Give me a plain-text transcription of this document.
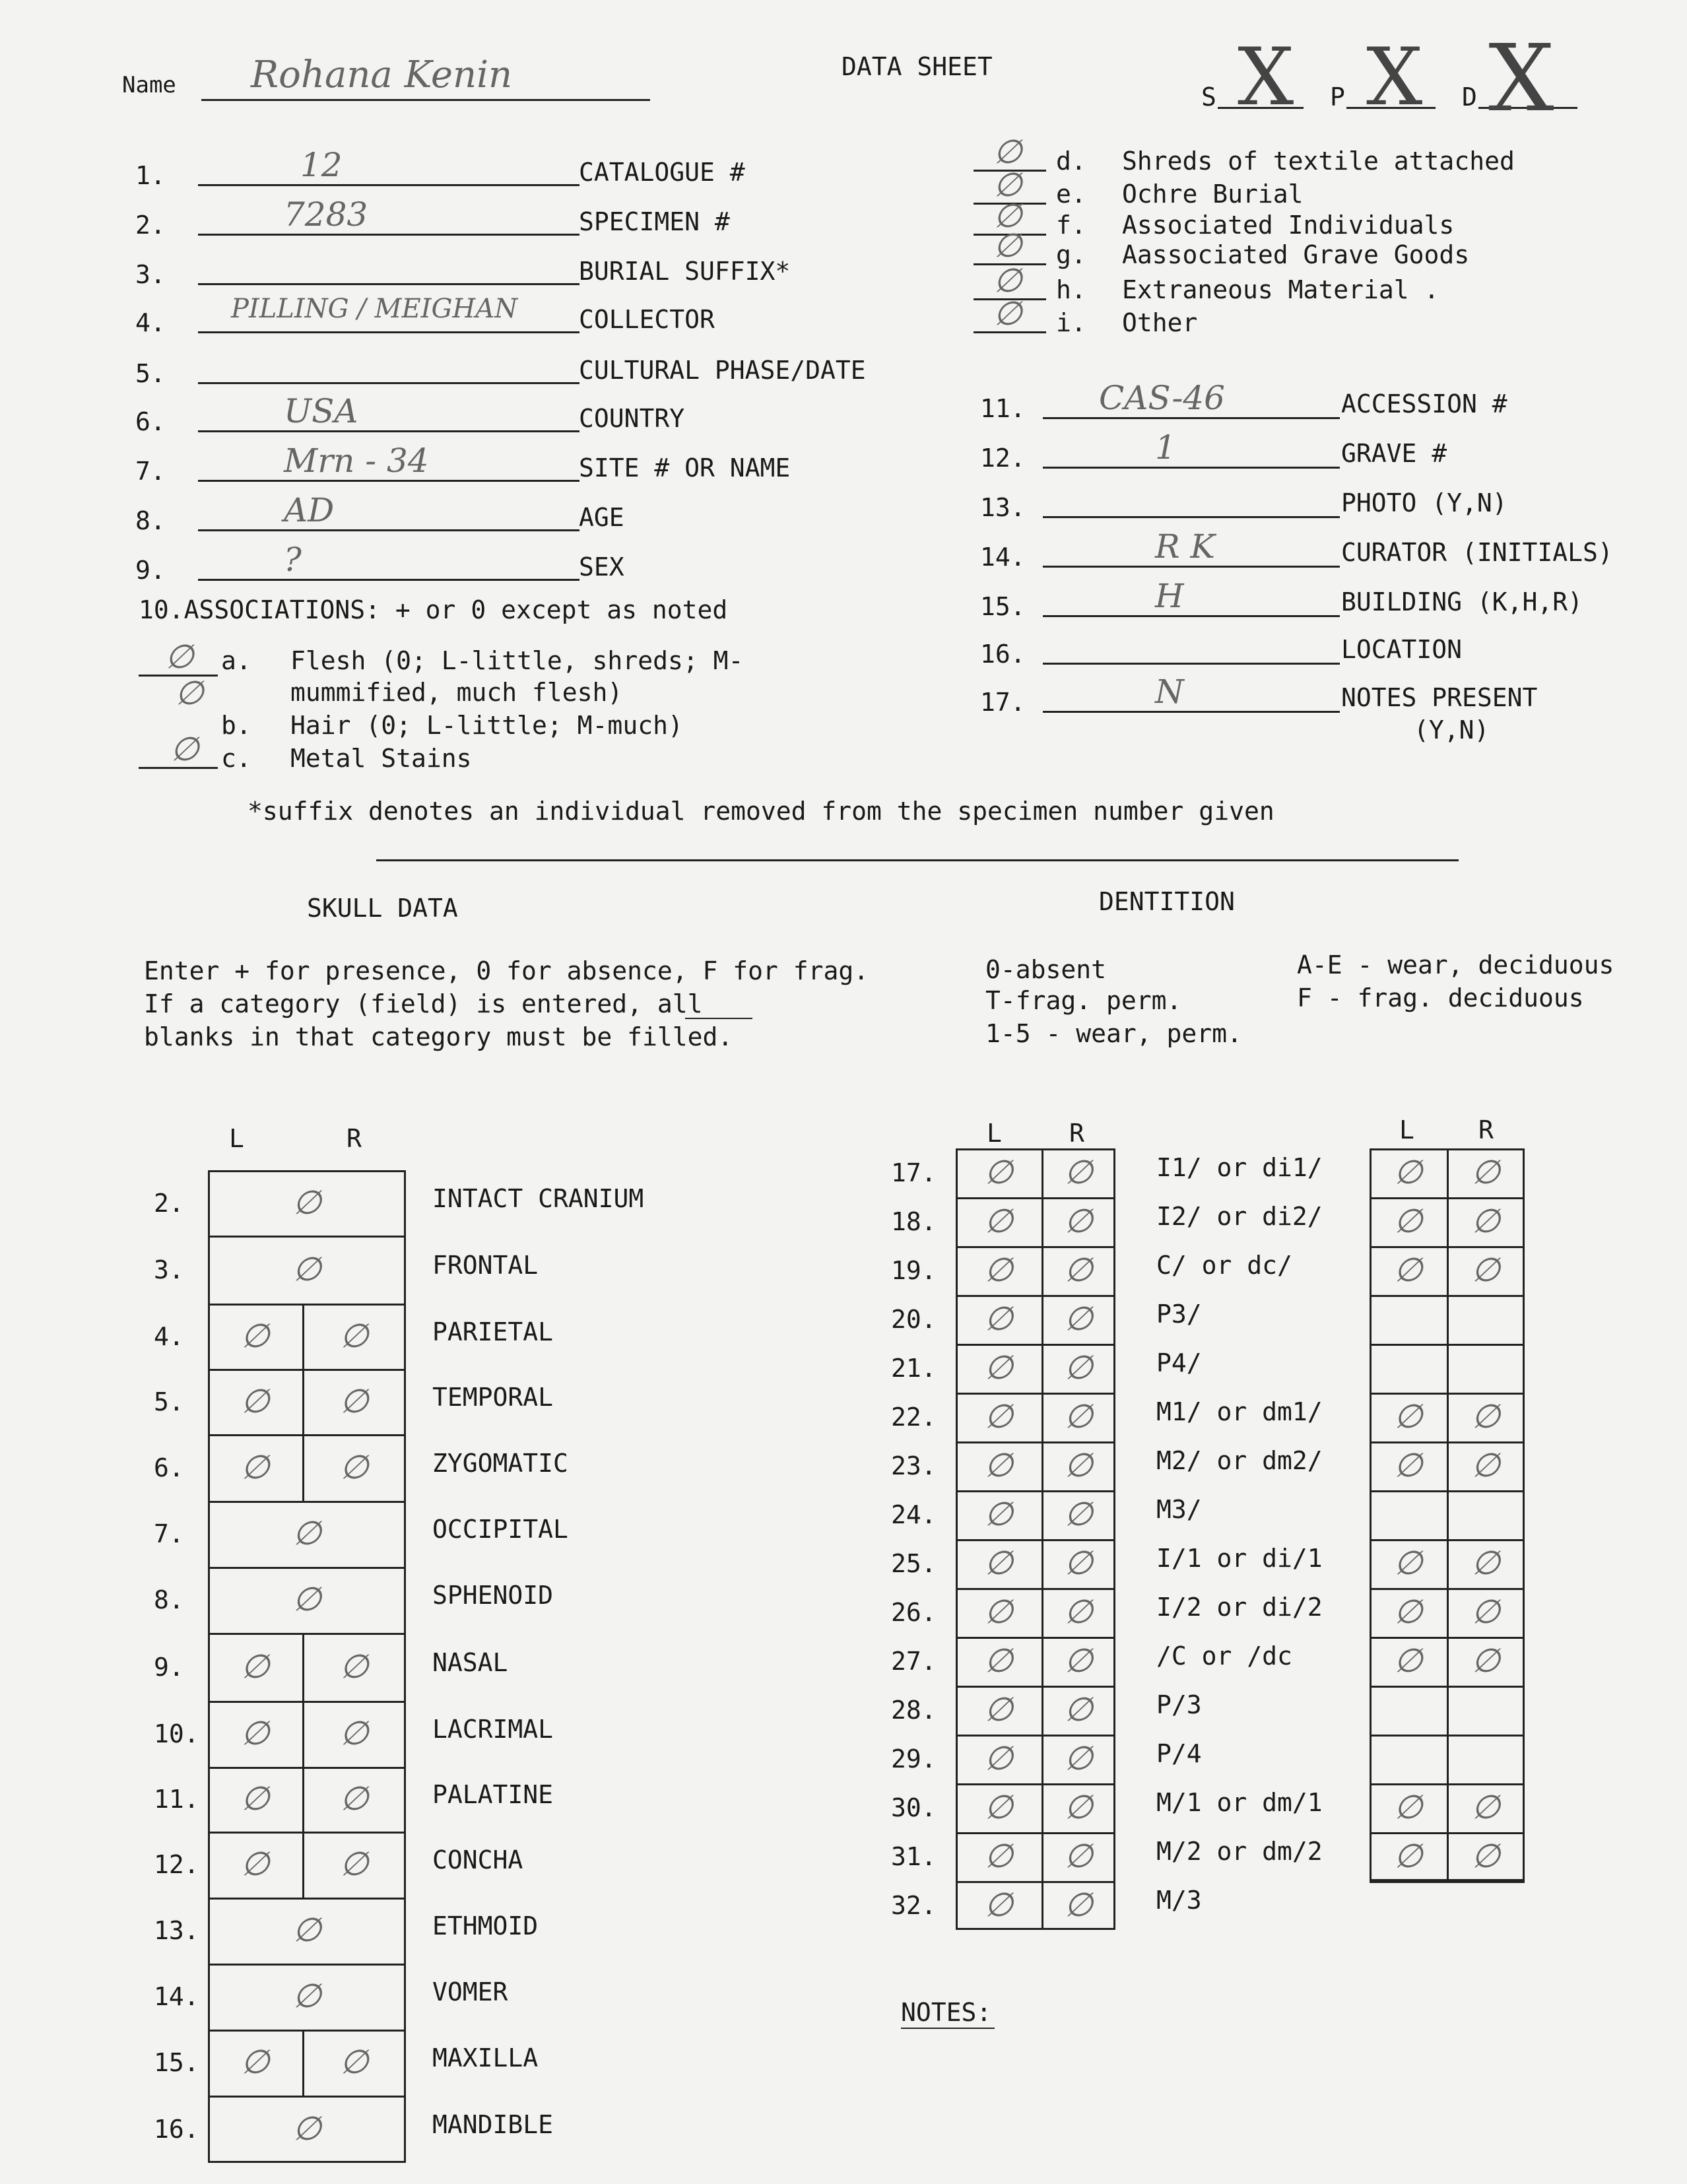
Name Rohana Kenin	DATA SHEET
S X P X D X
1.	12	CATALOGUE #
2.	7283	SPECIMEN #
3.	BURIAL SUFFIX*
4. PILLING / MEIGHAN COLLECTOR
5.	CULTURAL PHASE/DATE
6.	USA	COUNTRY
7.	Mrn - 34	SITE # OR NAME
8.	AD	AGE
9.	?	SEX
∅ d. Shreds of textile attached
∅ e. Ochre Burial
∅ f. Associated Individuals
∅ g. Aassociated Grave Goods
∅ h. Extraneous Material .
∅ i. Other
11. CAS-46	ACCESSION #
12.	1	GRAVE #
13.	PHOTO (Y,N)
14.	R K	CURATOR (INITIALS)
15.	H	BUILDING (K,H,R)
16.	LOCATION
17.	N	NOTES PRESENT
(Y,N)
10.ASSOCIATIONS: + or 0 except as noted
∅ a. Flesh (0; L-little, shreds; M-
mummified, much flesh)
∅
b. Hair (0; L-little; M-much)
∅ c. Metal Stains
*suffix denotes an individual removed from the specimen number given
SKULL DATA
Enter + for presence, 0 for absence, F for frag.
If a category (field) is entered, all
blanks in that category must be filled.
L	R
2.	INTACT CRANIUM
∅
3.	FRONTAL
∅
4.	PARIETAL
∅	∅
5.	TEMPORAL
∅	∅
6.	ZYGOMATIC
∅	∅
7.	OCCIPITAL
∅
8.	SPHENOID
∅
9.	NASAL
∅	∅
10.	LACRIMAL
∅	∅
11.	PALATINE
∅	∅
12.	CONCHA
∅	∅
13.	ETHMOID
∅
14.	VOMER
∅
15.	MAXILLA
∅	∅
16.	MANDIBLE
∅
DENTITION
0-absent
T-frag. perm.
1-5 - wear, perm.
A-E - wear, deciduous
F - frag. deciduous
L	R	L	R
17.	I1/ or di1/
∅	∅	∅	∅
18.	I2/ or di2/
∅	∅	∅	∅
19.	C/ or dc/
∅	∅	∅	∅
20.	P3/
∅	∅
21.	P4/
∅	∅
22.	M1/ or dm1/
∅	∅	∅	∅
23.	M2/ or dm2/
∅	∅	∅	∅
24.	M3/
∅	∅
25.	I/1 or di/1
∅	∅	∅	∅
26.	I/2 or di/2
∅	∅	∅	∅
27.	/C or /dc
∅	∅	∅	∅
28.	P/3
∅	∅
29.	P/4
∅	∅
30.	M/1 or dm/1
∅	∅	∅	∅
31.	M/2 or dm/2
∅	∅	∅	∅
32.	M/3
∅	∅
NOTES:
